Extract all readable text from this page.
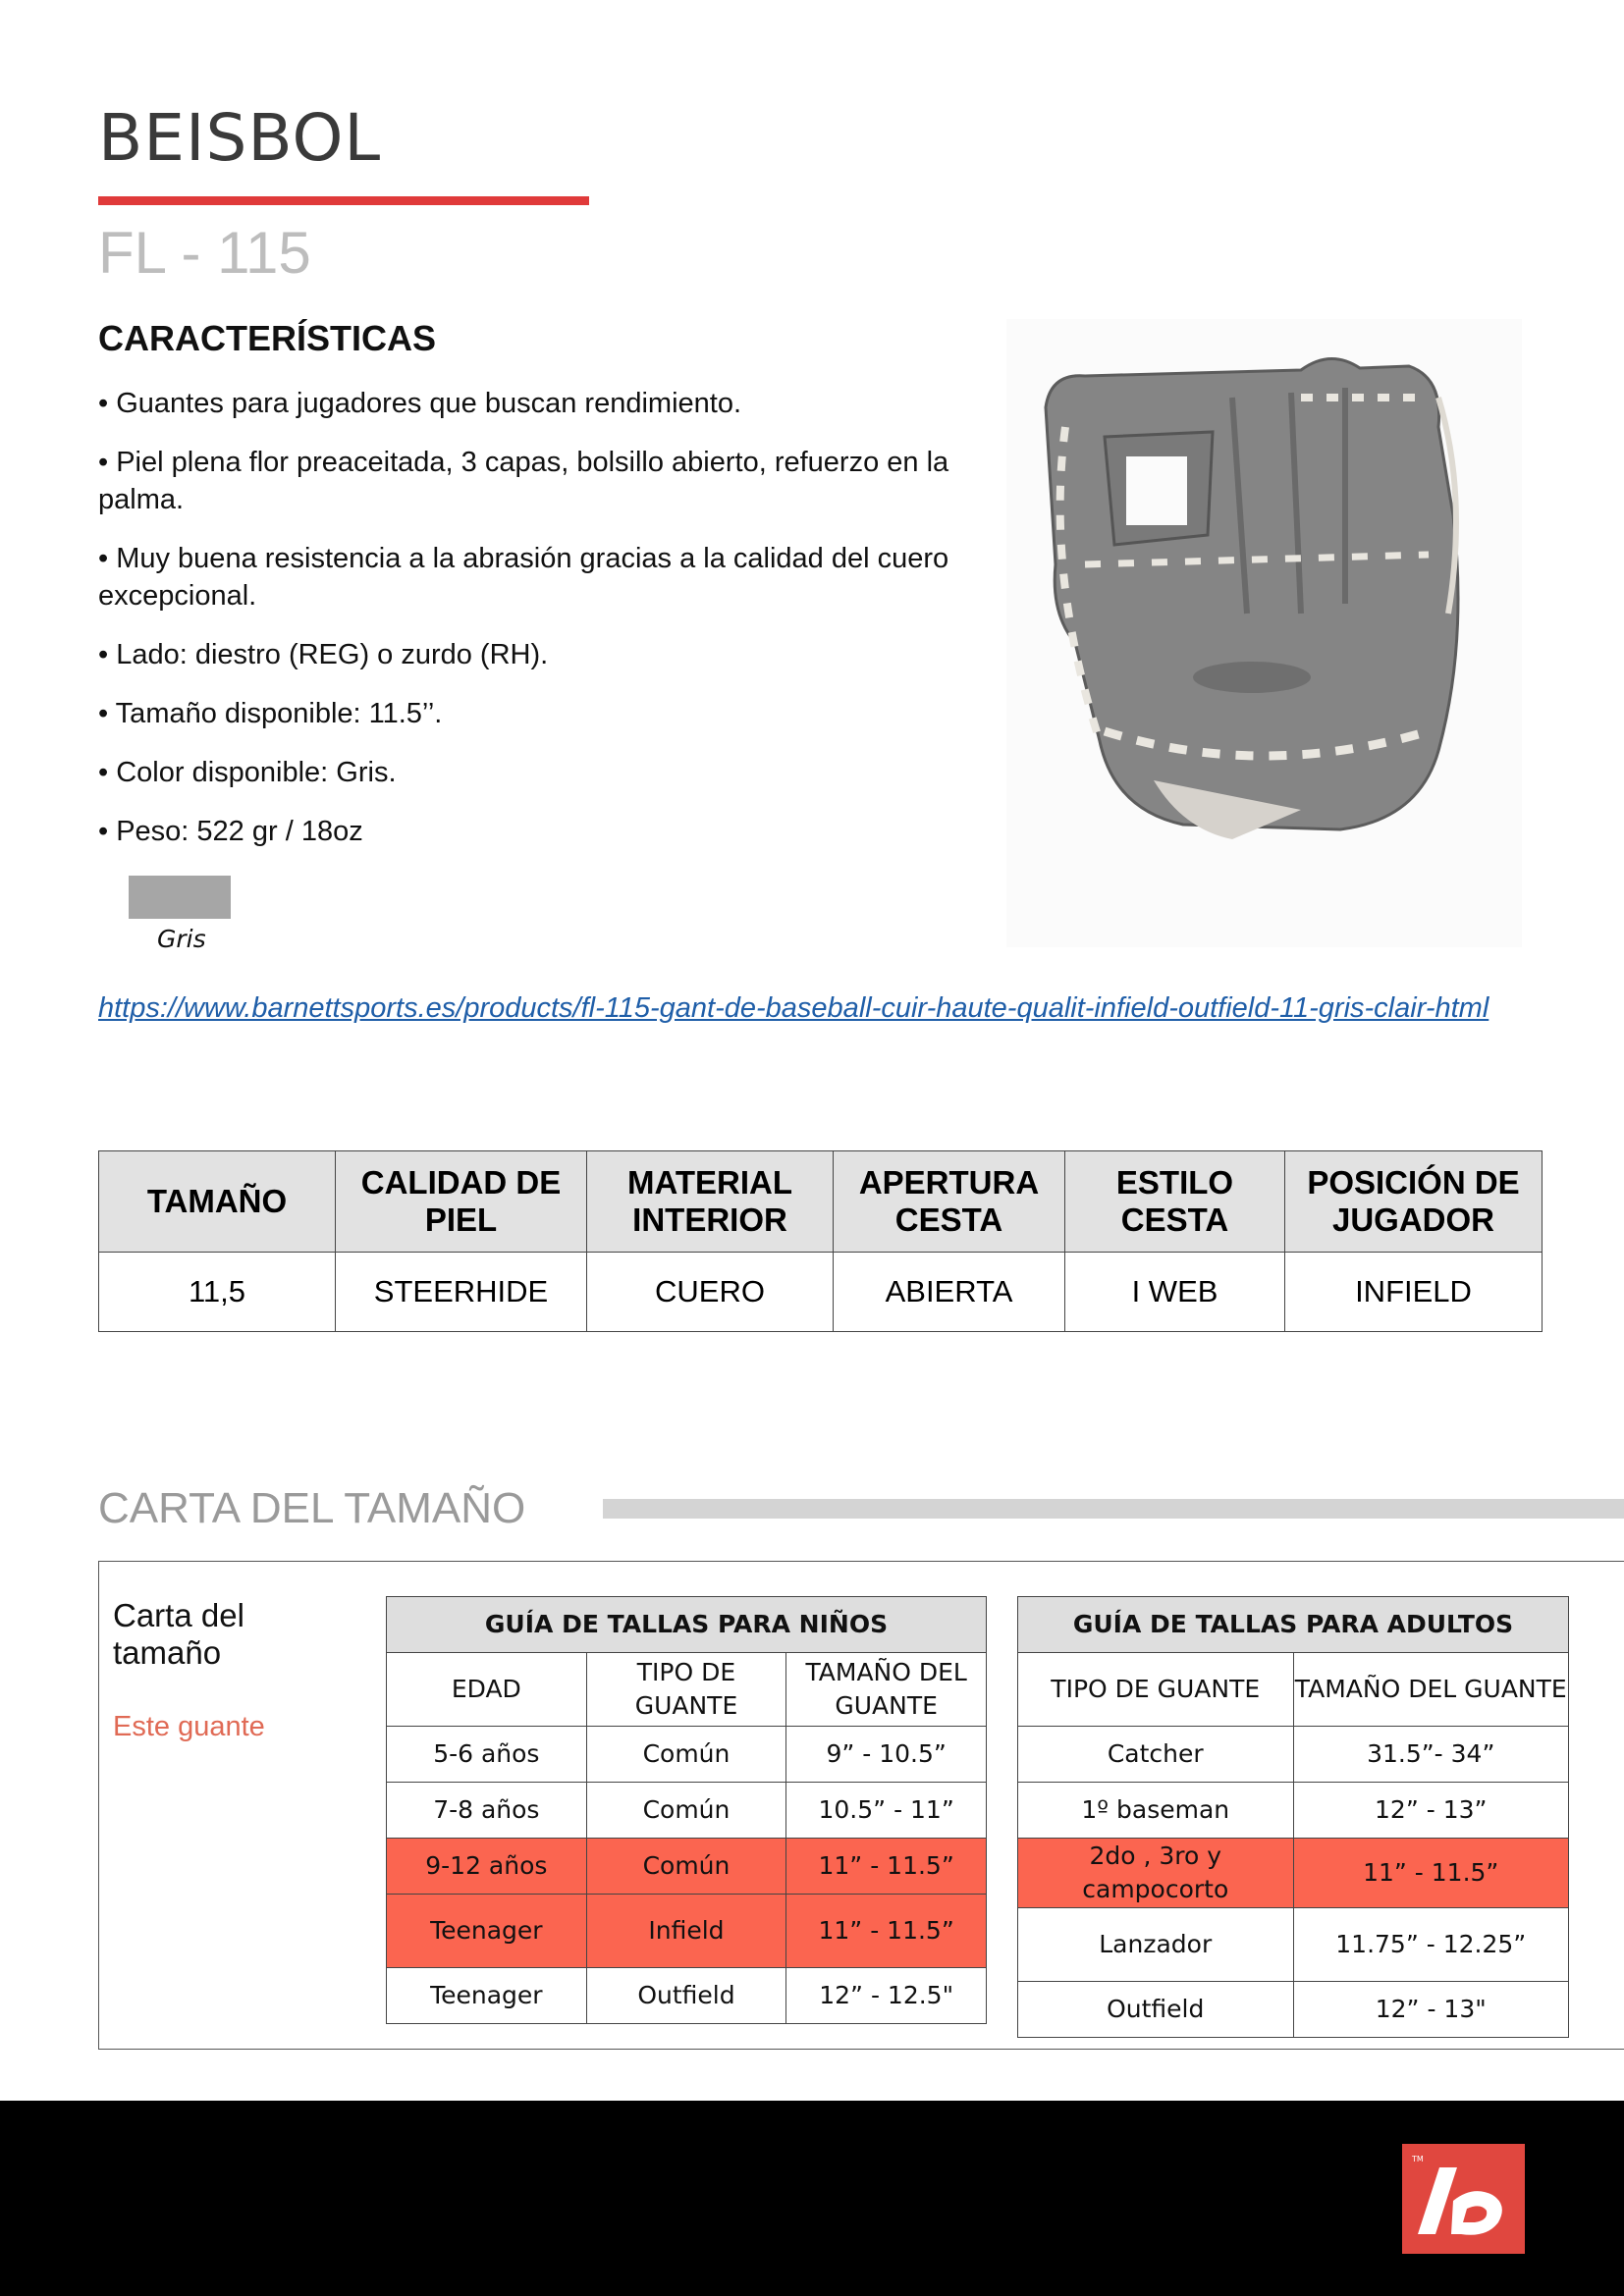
BEISBOL
FL - 115
CARACTERÍSTICAS
• Guantes para jugadores que buscan rendimiento.
• Piel plena flor preaceitada, 3 capas, bolsillo abierto, refuerzo en la palma.
• Muy buena resistencia a la abrasión gracias a la calidad del cuero excepcional.
• Lado: diestro (REG) o zurdo (RH).
• Tamaño disponible: 11.5’’.
• Color disponible: Gris.
• Peso: 522 gr / 18oz
Gris
https://www.barnettsports.es/products/fl-115-gant-de-baseball-cuir-haute-qualit-infield-outfield-11-gris-clair-html
TAMAÑO	CALIDAD DE PIEL	MATERIAL INTERIOR	APERTURA CESTA	ESTILO CESTA	POSICIÓN DE JUGADOR
11,5	STEERHIDE	CUERO	ABIERTA	I WEB	INFIELD
CARTA DEL TAMAÑO
Carta del tamaño
Este guante
GUÍA DE TALLAS PARA NIÑOS		
EDAD	TIPO DE GUANTE	TAMAÑO DEL GUANTE
5-6 años	Común	9” - 10.5”
7-8 años	Común	10.5” - 11”
9-12 años	Común	11” - 11.5”
Teenager	Infield	11” - 11.5”
Teenager	Outfield	12” - 12.5"
GUÍA DE TALLAS PARA ADULTOS	
TIPO DE GUANTE	TAMAÑO DEL GUANTE
Catcher	31.5”- 34”
1º baseman	12” - 13”
2do , 3ro y campocorto	11” - 11.5”
Lanzador	11.75” - 12.25”
Outfield	12” - 13"
TM
